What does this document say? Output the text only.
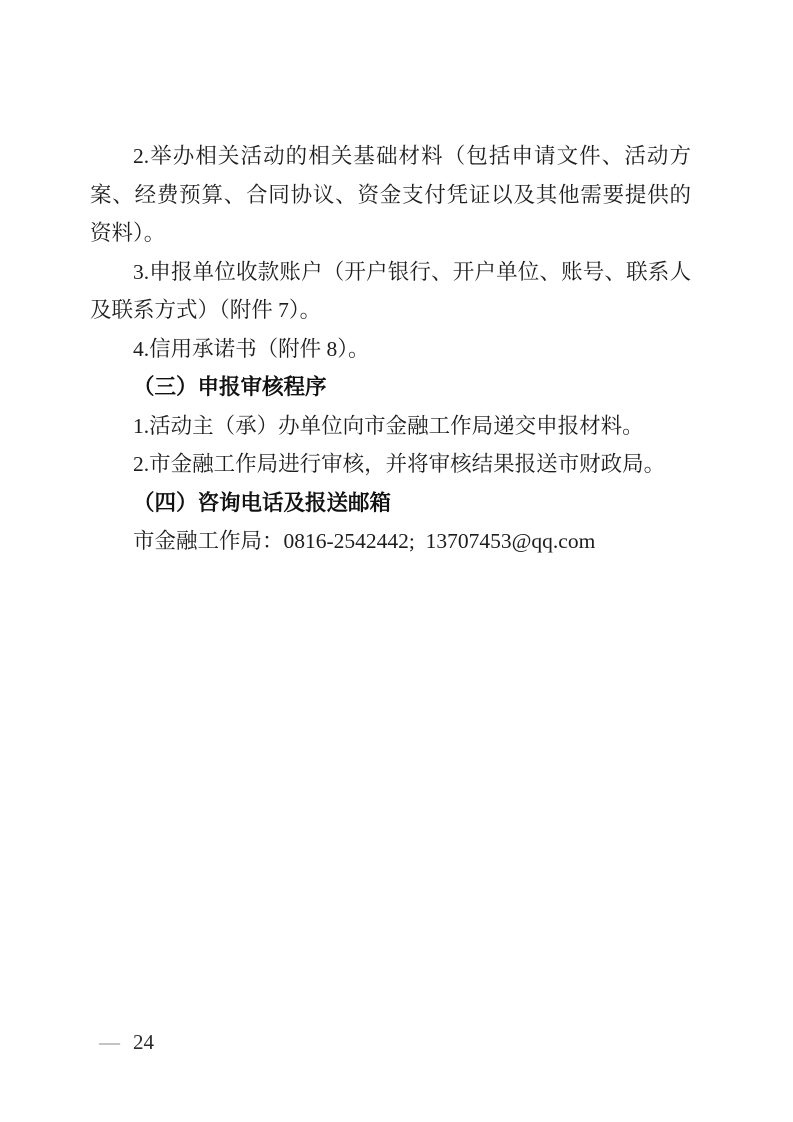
2.举办相关活动的相关基础材料（包括申请文件、活动方案、经费预算、合同协议、资金支付凭证以及其他需要提供的资料）。

3.申报单位收款账户（开户银行、开户单位、账号、联系人及联系方式）（附件 7）。

4.信用承诺书（附件 8）。

（三）申报审核程序

1.活动主（承）办单位向市金融工作局递交申报材料。

2.市金融工作局进行审核，并将审核结果报送市财政局。

（四）咨询电话及报送邮箱

市金融工作局：0816-2542442;  13707453@qq.com

— 24
